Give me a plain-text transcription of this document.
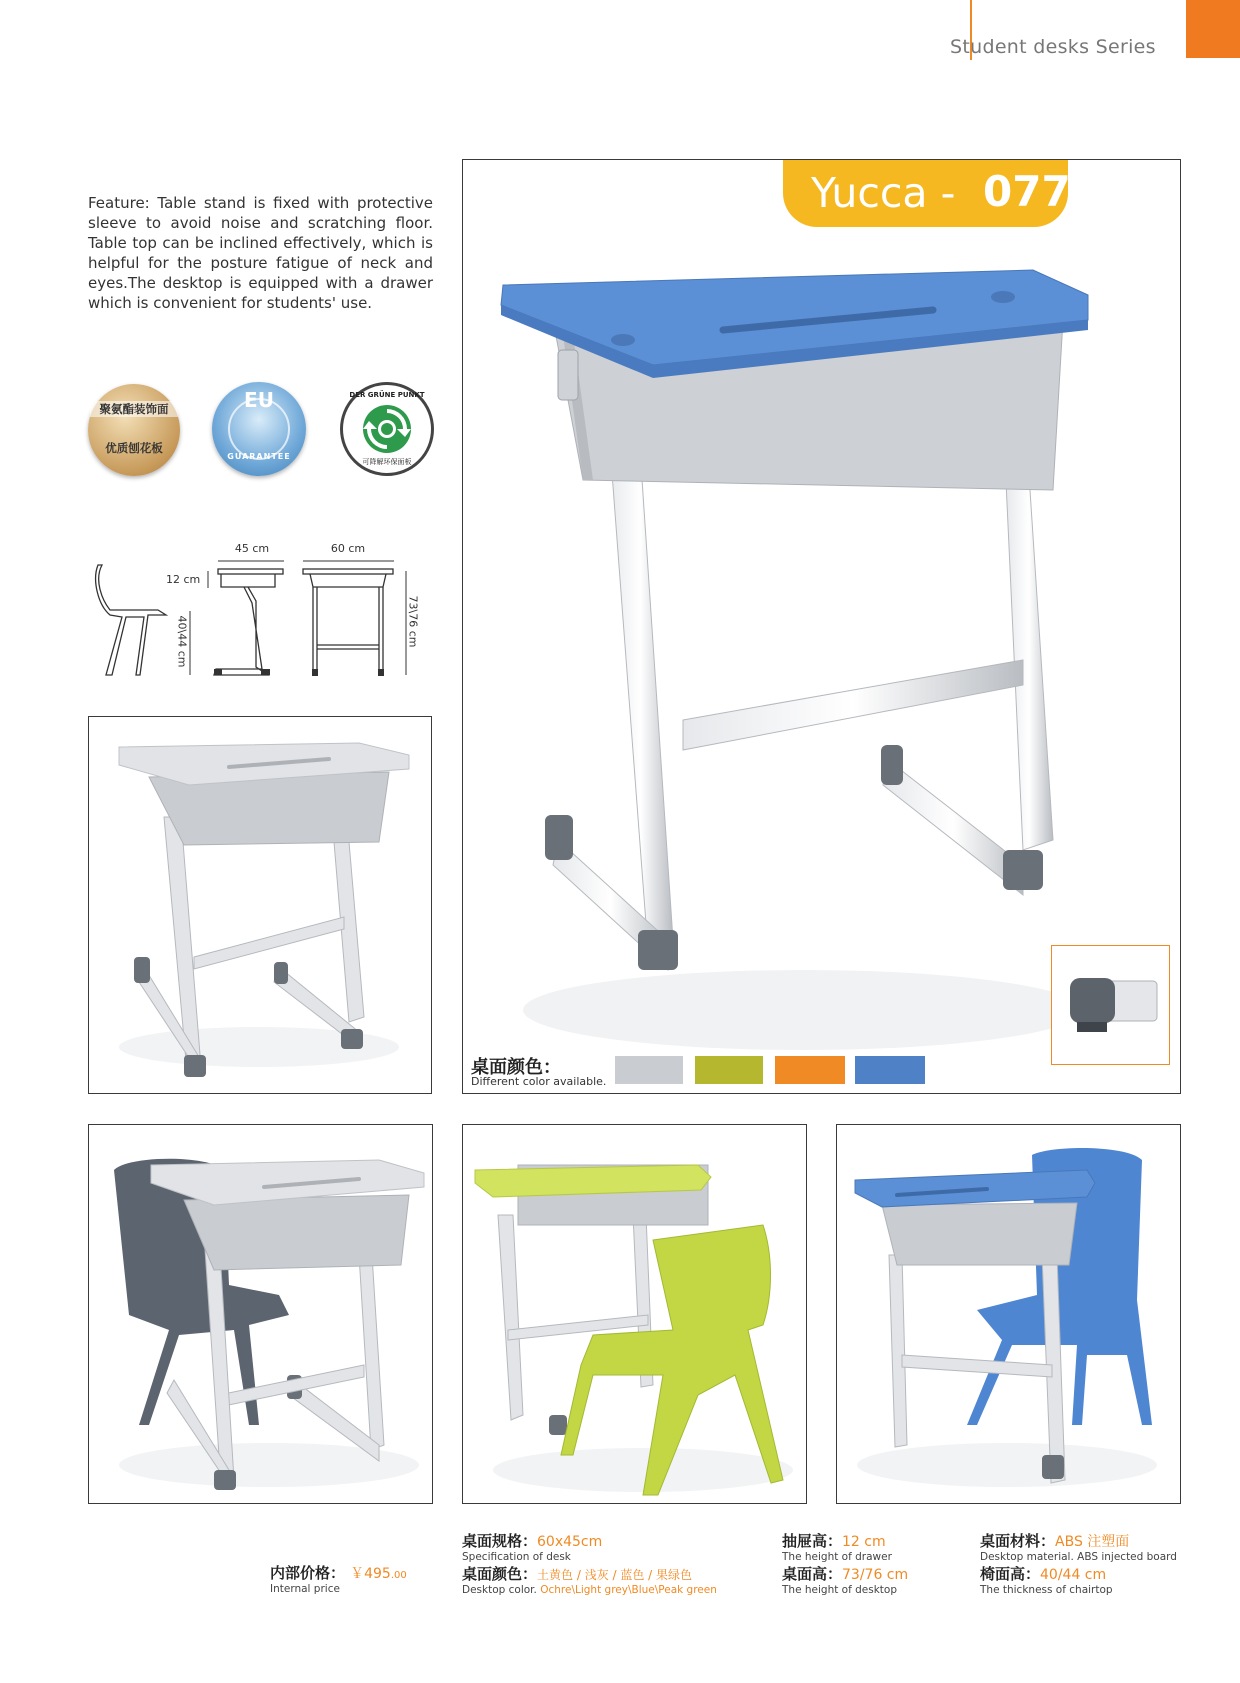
Student desks Series
Feature: Table stand is fixed with protective sleeve to avoid noise and scratching floor. Table top can be inclined effectively, which is helpful for the posture fatigue of neck and eyes.The desktop is equipped with a drawer which is convenient for students' use.
聚氨酯装饰面
优质刨花板
EU
GUARANTEE
DER GRÜNE PUNKT
可降解环保面板
45 cm	60 cm
12 cm
40\44 cm	73\76 cm
Yucca - 077
桌面颜色：
Different color available.
内部价格： ￥495.00
Internal price
桌面规格：60x45cm
Specification of desk
桌面颜色：土黄色 / 浅灰 / 蓝色 / 果绿色
Desktop color. Ochre\Light grey\Blue\Peak green
抽屉高：12 cm
The height of drawer
桌面高：73/76 cm
The height of desktop
桌面材料：ABS 注塑面
Desktop material. ABS injected board
椅面高：40/44 cm
The thickness of chairtop
